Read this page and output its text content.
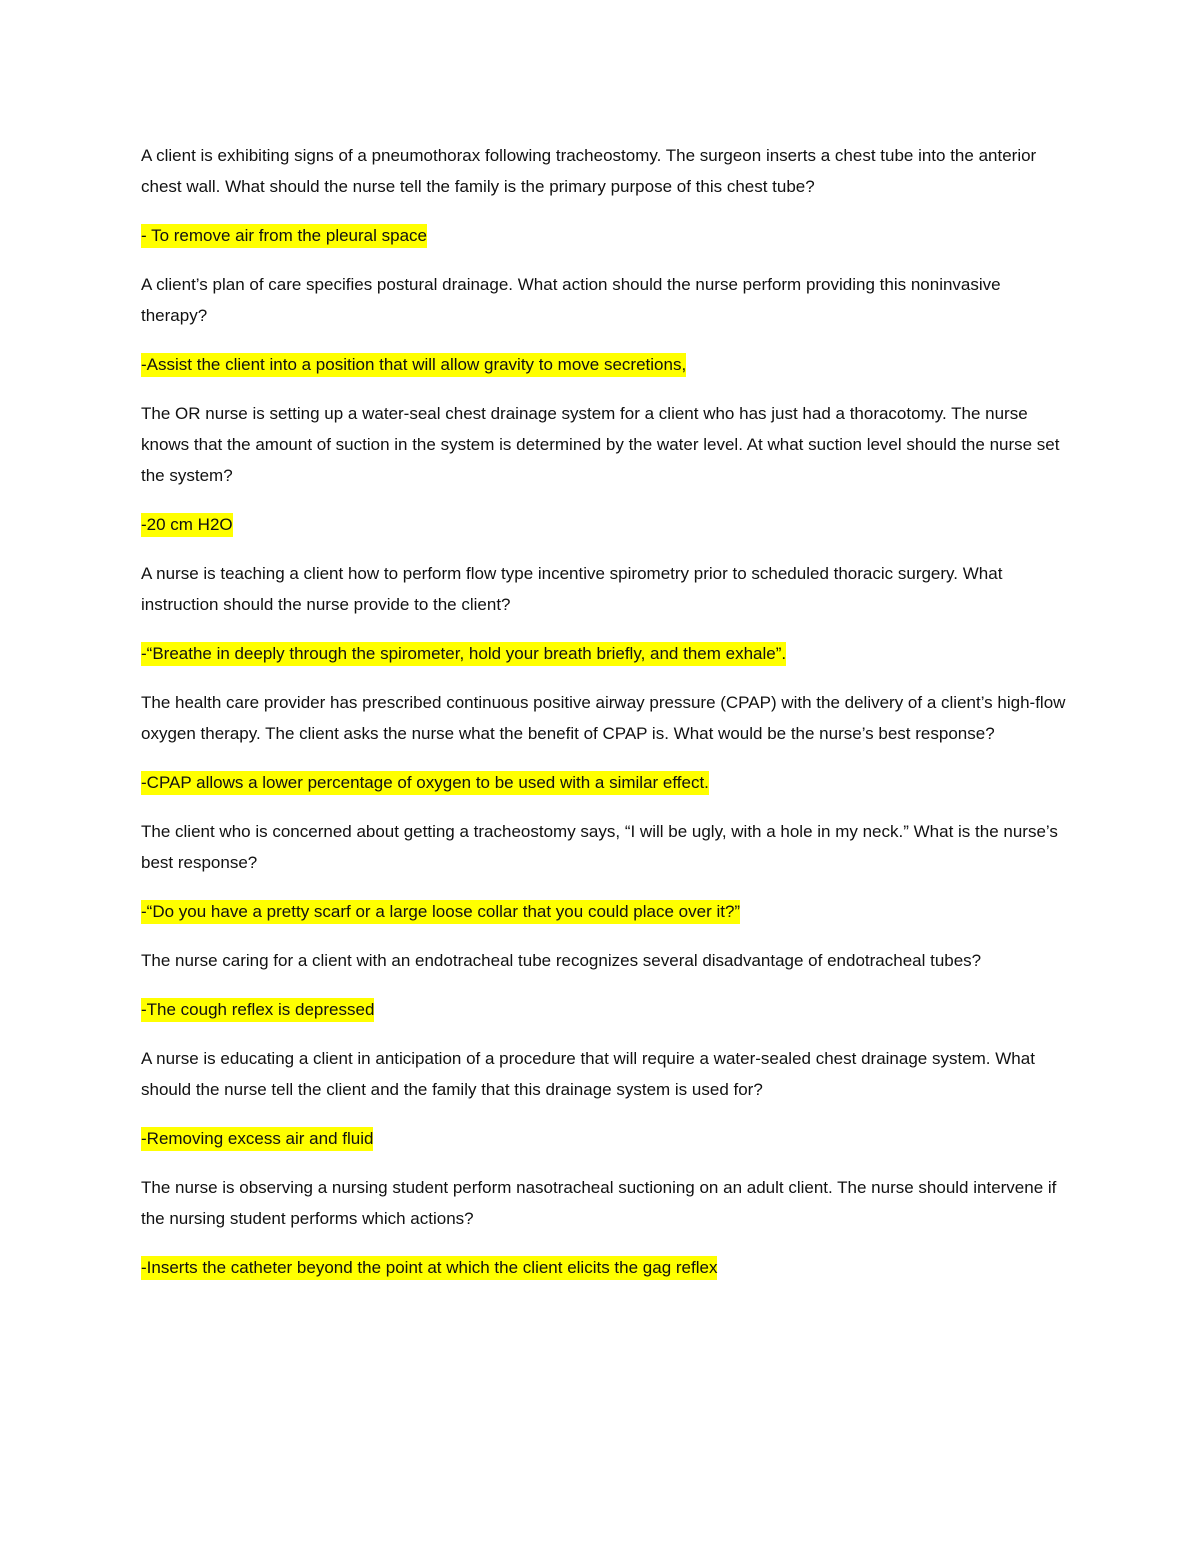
A client is exhibiting signs of a pneumothorax following tracheostomy. The surgeon inserts a chest tube into the anterior chest wall. What should the nurse tell the family is the primary purpose of this chest tube?

- To remove air from the pleural space

A client’s plan of care specifies postural drainage. What action should the nurse perform providing this noninvasive therapy?

-Assist the client into a position that will allow gravity to move secretions,

The OR nurse is setting up a water-seal chest drainage system for a client who has just had a thoracotomy. The nurse knows that the amount of suction in the system is determined by the water level. At what suction level should the nurse set the system?

-20 cm H2O

A nurse is teaching a client how to perform flow type incentive spirometry prior to scheduled thoracic surgery. What instruction should the nurse provide to the client?

-“Breathe in deeply through the spirometer, hold your breath briefly, and them exhale”.

The health care provider has prescribed continuous positive airway pressure (CPAP) with the delivery of a client’s high-flow oxygen therapy. The client asks the nurse what the benefit of CPAP is. What would be the nurse’s best response?

-CPAP allows a lower percentage of oxygen to be used with a similar effect.

The client who is concerned about getting a tracheostomy says, “I will be ugly, with a hole in my neck.” What is the nurse’s best response?

-“Do you have a pretty scarf or a large loose collar that you could place over it?”

The nurse caring for a client with an endotracheal tube recognizes several disadvantage of endotracheal tubes?

-The cough reflex is depressed

A nurse is educating a client in anticipation of a procedure that will require a water-sealed chest drainage system. What should the nurse tell the client and the family that this drainage system is used for?

-Removing excess air and fluid

The nurse is observing a nursing student perform nasotracheal suctioning on an adult client. The nurse should intervene if the nursing student performs which actions?

-Inserts the catheter beyond the point at which the client elicits the gag reflex
